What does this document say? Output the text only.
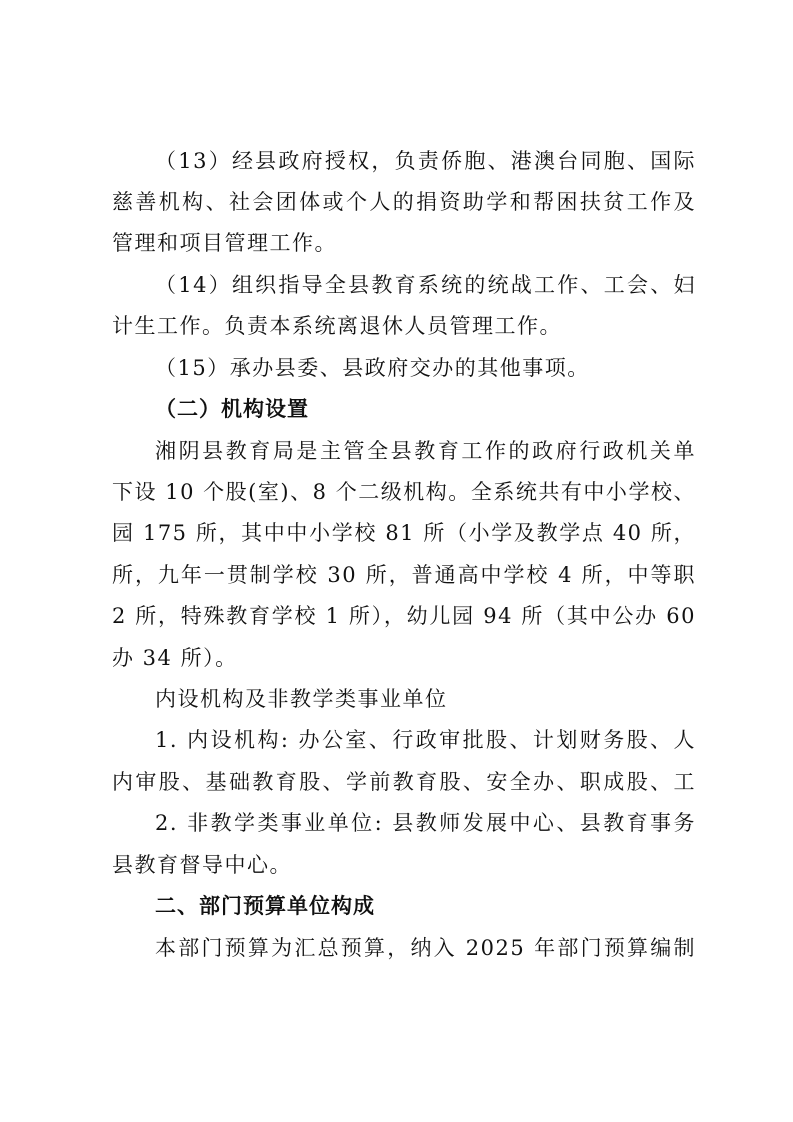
（13）经县政府授权，负责侨胞、港澳台同胞、国际
慈善机构、社会团体或个人的捐资助学和帮困扶贫工作及
管理和项目管理工作。
（14）组织指导全县教育系统的统战工作、工会、妇
计生工作。负责本系统离退休人员管理工作。
（15）承办县委、县政府交办的其他事项。
（二）机构设置
湘阴县教育局是主管全县教育工作的政府行政机关单
下设 10 个股(室)、8 个二级机构。全系统共有中小学校、
园 175 所，其中中小学校 81 所（小学及教学点 40 所，
所，九年一贯制学校 30 所，普通高中学校 4 所，中等职
2 所，特殊教育学校 1 所），幼儿园 94 所（其中公办 60
办 34 所）。
内设机构及非教学类事业单位
1. 内设机构: 办公室、行政审批股、计划财务股、人
内审股、基础教育股、学前教育股、安全办、职成股、工
2. 非教学类事业单位: 县教师发展中心、县教育事务
县教育督导中心。
二、部门预算单位构成
本部门预算为汇总预算，纳入 2025 年部门预算编制
